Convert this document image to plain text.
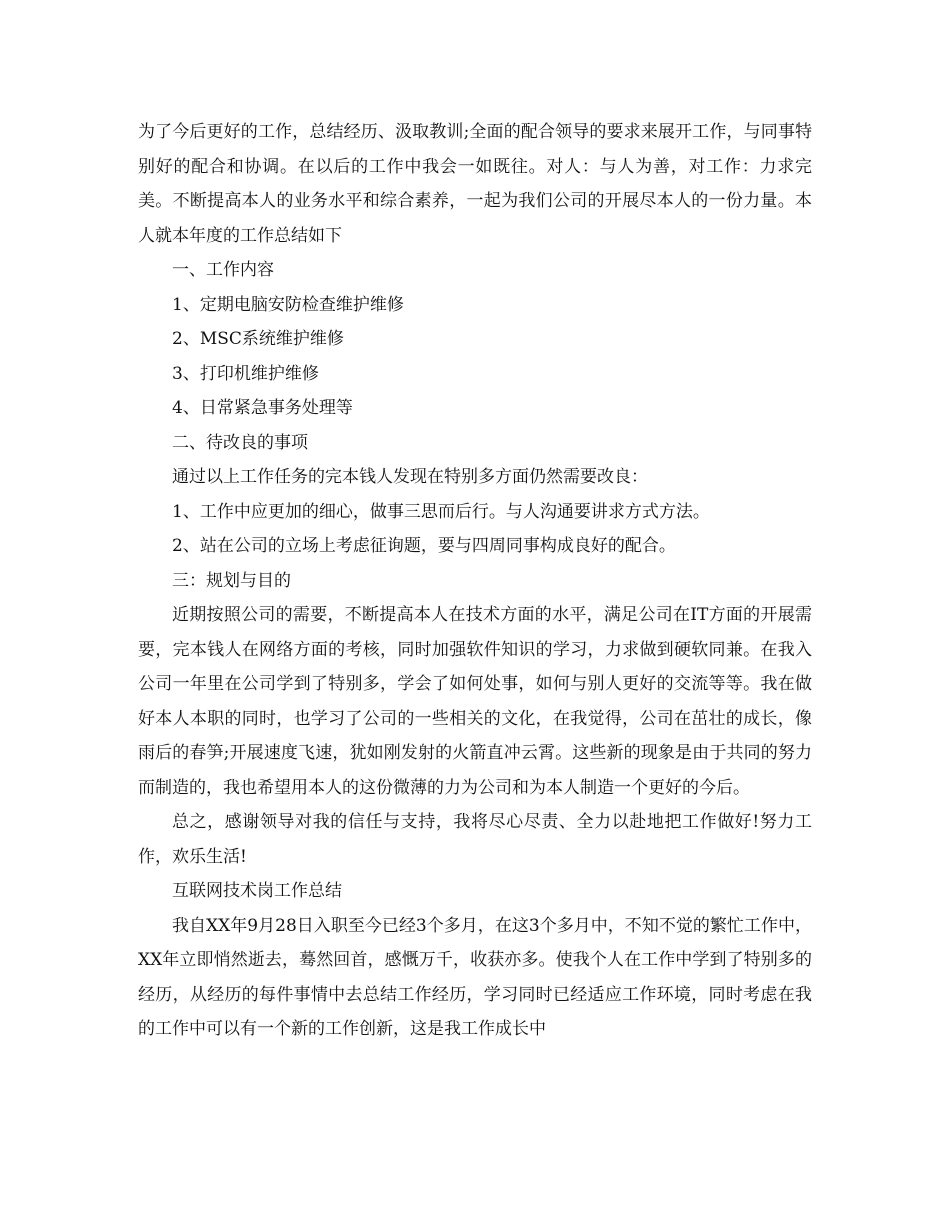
为了今后更好的工作，总结经历、汲取教训;全面的配合领导的要求来展开工作，与同事特别好的配合和协调。在以后的工作中我会一如既往。对人：与人为善，对工作：力求完美。不断提高本人的业务水平和综合素养，一起为我们公司的开展尽本人的一份力量。本人就本年度的工作总结如下

一、工作内容

1、定期电脑安防检查维护维修

2、MSC系统维护维修

3、打印机维护维修

4、日常紧急事务处理等

二、待改良的事项

通过以上工作任务的完本钱人发现在特别多方面仍然需要改良：

1、工作中应更加的细心，做事三思而后行。与人沟通要讲求方式方法。

2、站在公司的立场上考虑征询题，要与四周同事构成良好的配合。

三：规划与目的

近期按照公司的需要，不断提高本人在技术方面的水平，满足公司在IT方面的开展需要，完本钱人在网络方面的考核，同时加强软件知识的学习，力求做到硬软同兼。在我入公司一年里在公司学到了特别多，学会了如何处事，如何与别人更好的交流等等。我在做好本人本职的同时，也学习了公司的一些相关的文化，在我觉得，公司在茁壮的成长，像雨后的春笋;开展速度飞速，犹如刚发射的火箭直冲云霄。这些新的现象是由于共同的努力而制造的，我也希望用本人的这份微薄的力为公司和为本人制造一个更好的今后。

总之，感谢领导对我的信任与支持，我将尽心尽责、全力以赴地把工作做好!努力工作，欢乐生活!

互联网技术岗工作总结

我自XX年9月28日入职至今已经3个多月，在这3个多月中，不知不觉的繁忙工作中，XX年立即悄然逝去，蓦然回首，感慨万千，收获亦多。使我个人在工作中学到了特别多的经历，从经历的每件事情中去总结工作经历，学习同时已经适应工作环境，同时考虑在我的工作中可以有一个新的工作创新，这是我工作成长中
